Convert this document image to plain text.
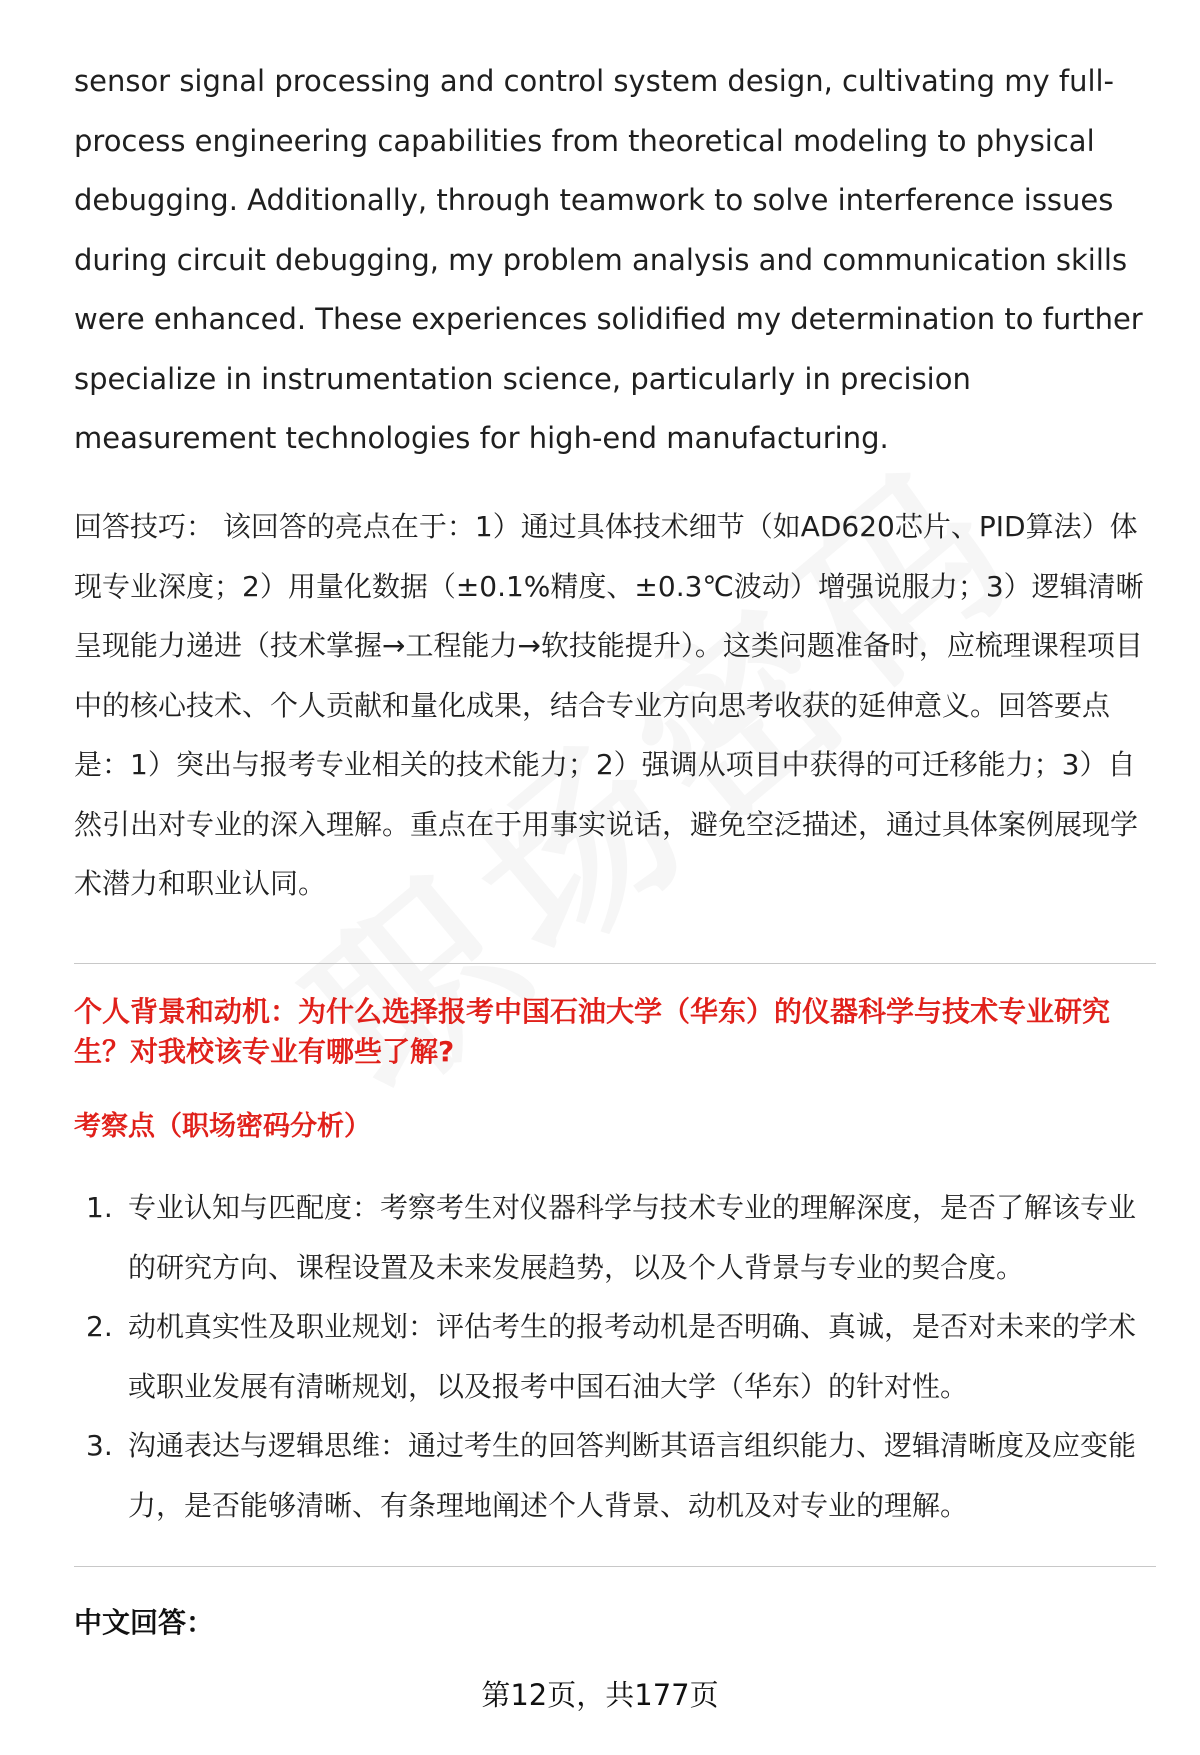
sensor signal processing and control system design, cultivating my full-process engineering capabilities from theoretical modeling to physical debugging. Additionally, through teamwork to solve interference issues during circuit debugging, my problem analysis and communication skills were enhanced. These experiences solidified my determination to further specialize in instrumentation science, particularly in precision measurement technologies for high-end manufacturing.

回答技巧： 该回答的亮点在于：1）通过具体技术细节（如AD620芯片、PID算法）体现专业深度；2）用量化数据（±0.1%精度、±0.3℃波动）增强说服力；3）逻辑清晰呈现能力递进（技术掌握→工程能力→软技能提升）。这类问题准备时，应梳理课程项目中的核心技术、个人贡献和量化成果，结合专业方向思考收获的延伸意义。回答要点是：1）突出与报考专业相关的技术能力；2）强调从项目中获得的可迁移能力；3）自然引出对专业的深入理解。重点在于用事实说话，避免空泛描述，通过具体案例展现学术潜力和职业认同。

个人背景和动机：为什么选择报考中国石油大学（华东）的仪器科学与技术专业研究生？对我校该专业有哪些了解?

考察点（职场密码分析）

1. 专业认知与匹配度：考察考生对仪器科学与技术专业的理解深度，是否了解该专业的研究方向、课程设置及未来发展趋势，以及个人背景与专业的契合度。
2. 动机真实性及职业规划：评估考生的报考动机是否明确、真诚，是否对未来的学术或职业发展有清晰规划，以及报考中国石油大学（华东）的针对性。
3. 沟通表达与逻辑思维：通过考生的回答判断其语言组织能力、逻辑清晰度及应变能力，是否能够清晰、有条理地阐述个人背景、动机及对专业的理解。

中文回答：

第12页，共177页
